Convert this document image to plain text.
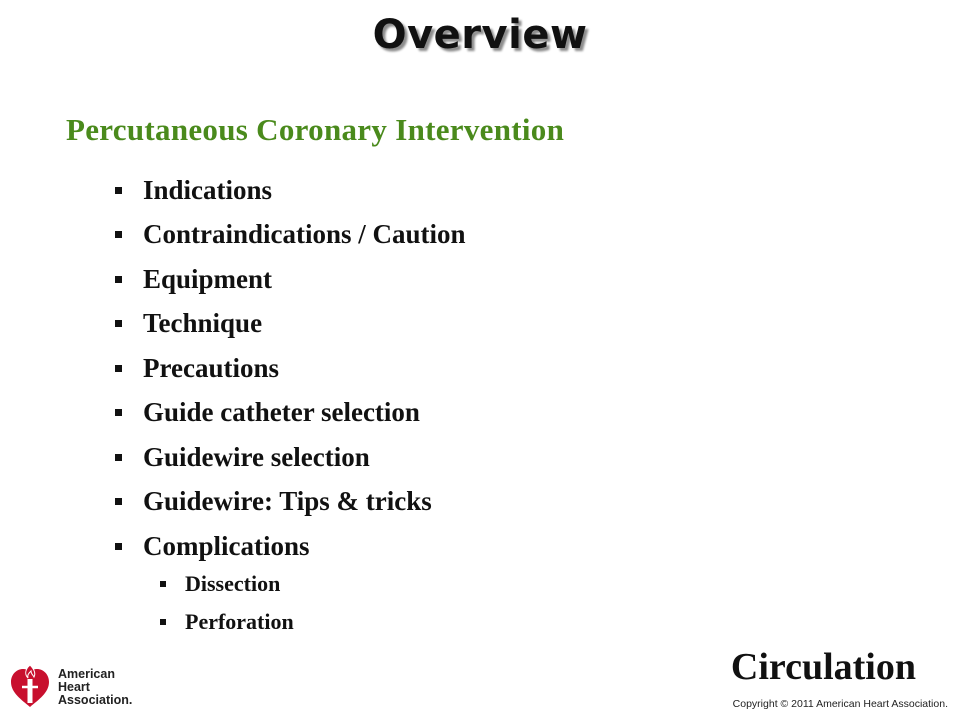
Overview
Percutaneous Coronary Intervention
Indications
Contraindications / Caution
Equipment
Technique
Precautions
Guide catheter selection
Guidewire selection
Guidewire: Tips & tricks
Complications
Dissection
Perforation
American
Heart
Association.
Circulation
Copyright © 2011 American Heart Association.
